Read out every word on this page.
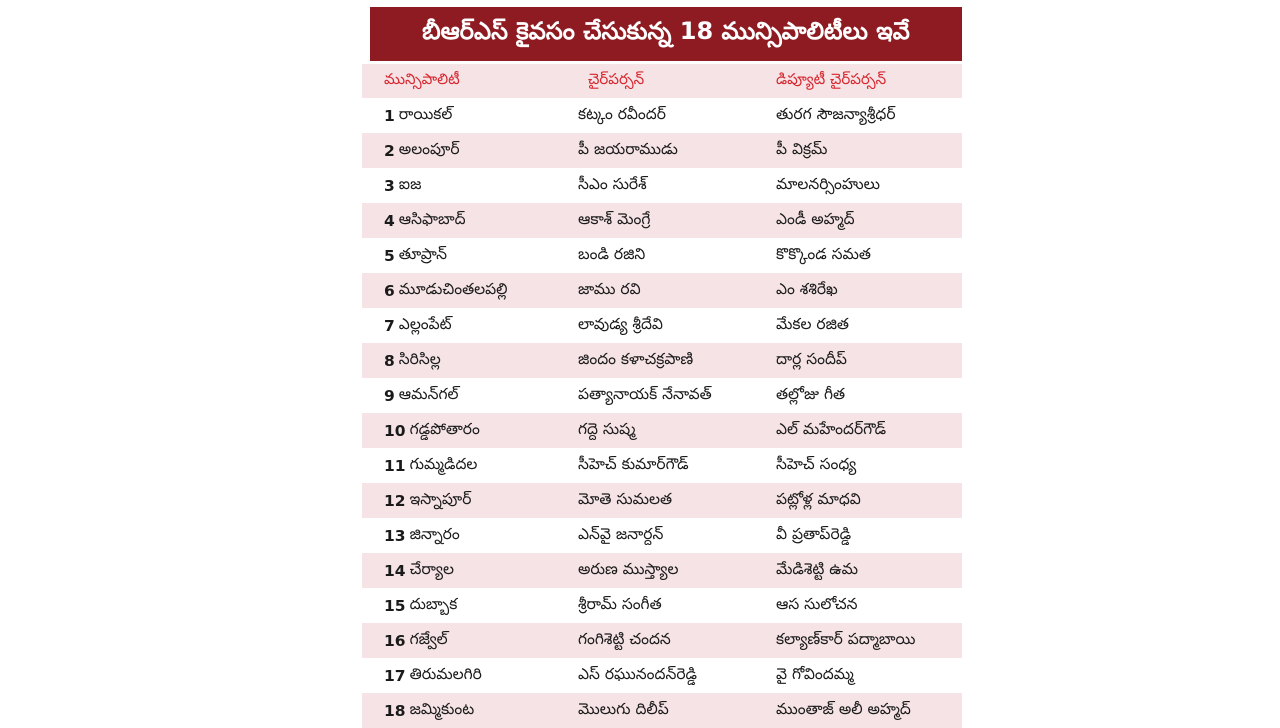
బీఆర్ఎస్ కైవసం చేసుకున్న 18 మున్సిపాలిటీలు ఇవే
మున్సిపాలిటీ	చైర్‌పర్సన్	డిప్యూటీ చైర్‌పర్సన్
1 రాయికల్	కట్కం రవీందర్	తురగ సౌజన్యాశ్రీధర్
2 అలంపూర్	పీ జయరాముడు	పీ విక్రమ్
3 ఐజ	సీఎం సురేశ్	మాలనర్సింహులు
4 ఆసిఫాబాద్	ఆకాశ్ మెంగ్రే	ఎండీ అహ్మద్
5 తూప్రాన్	బండి రజిని	కొక్కొండ సమత
6 మూడుచింతలపల్లి	జాము రవి	ఎం శశిరేఖ
7 ఎల్లంపేట్	లావుడ్య శ్రీదేవి	మేకల రజిత
8 సిరిసిల్ల	జిందం కళాచక్రపాణి	దార్ల సందీప్
9 ఆమన్‌గల్	పత్యానాయక్ నేనావత్	తల్లోజు గీత
10 గడ్డపోతారం	గద్దె సుష్మ	ఎల్ మహేందర్‌గౌడ్
11 గుమ్మడిదల	సీహెచ్ కుమార్‌గౌడ్	సీహెచ్ సంధ్య
12 ఇస్నాపూర్	మోతె సుమలత	పట్లోళ్ల మాధవి
13 జిన్నారం	ఎన్‌వై జనార్దన్	వీ ప్రతాప్‌రెడ్డి
14 చేర్యాల	అరుణ ముస్త్యాల	మేడిశెట్టి ఉమ
15 దుబ్బాక	శ్రీరామ్ సంగీత	ఆస సులోచన
16 గజ్వేల్	గంగిశెట్టి చందన	కల్యాణ్‌కార్ పద్మాబాయి
17 తిరుమలగిరి	ఎస్ రఘునందన్‌రెడ్డి	వై గోవిందమ్మ
18 జమ్మికుంట	మొలుగు దిలీప్	ముంతాజ్ అలీ అహ్మద్
